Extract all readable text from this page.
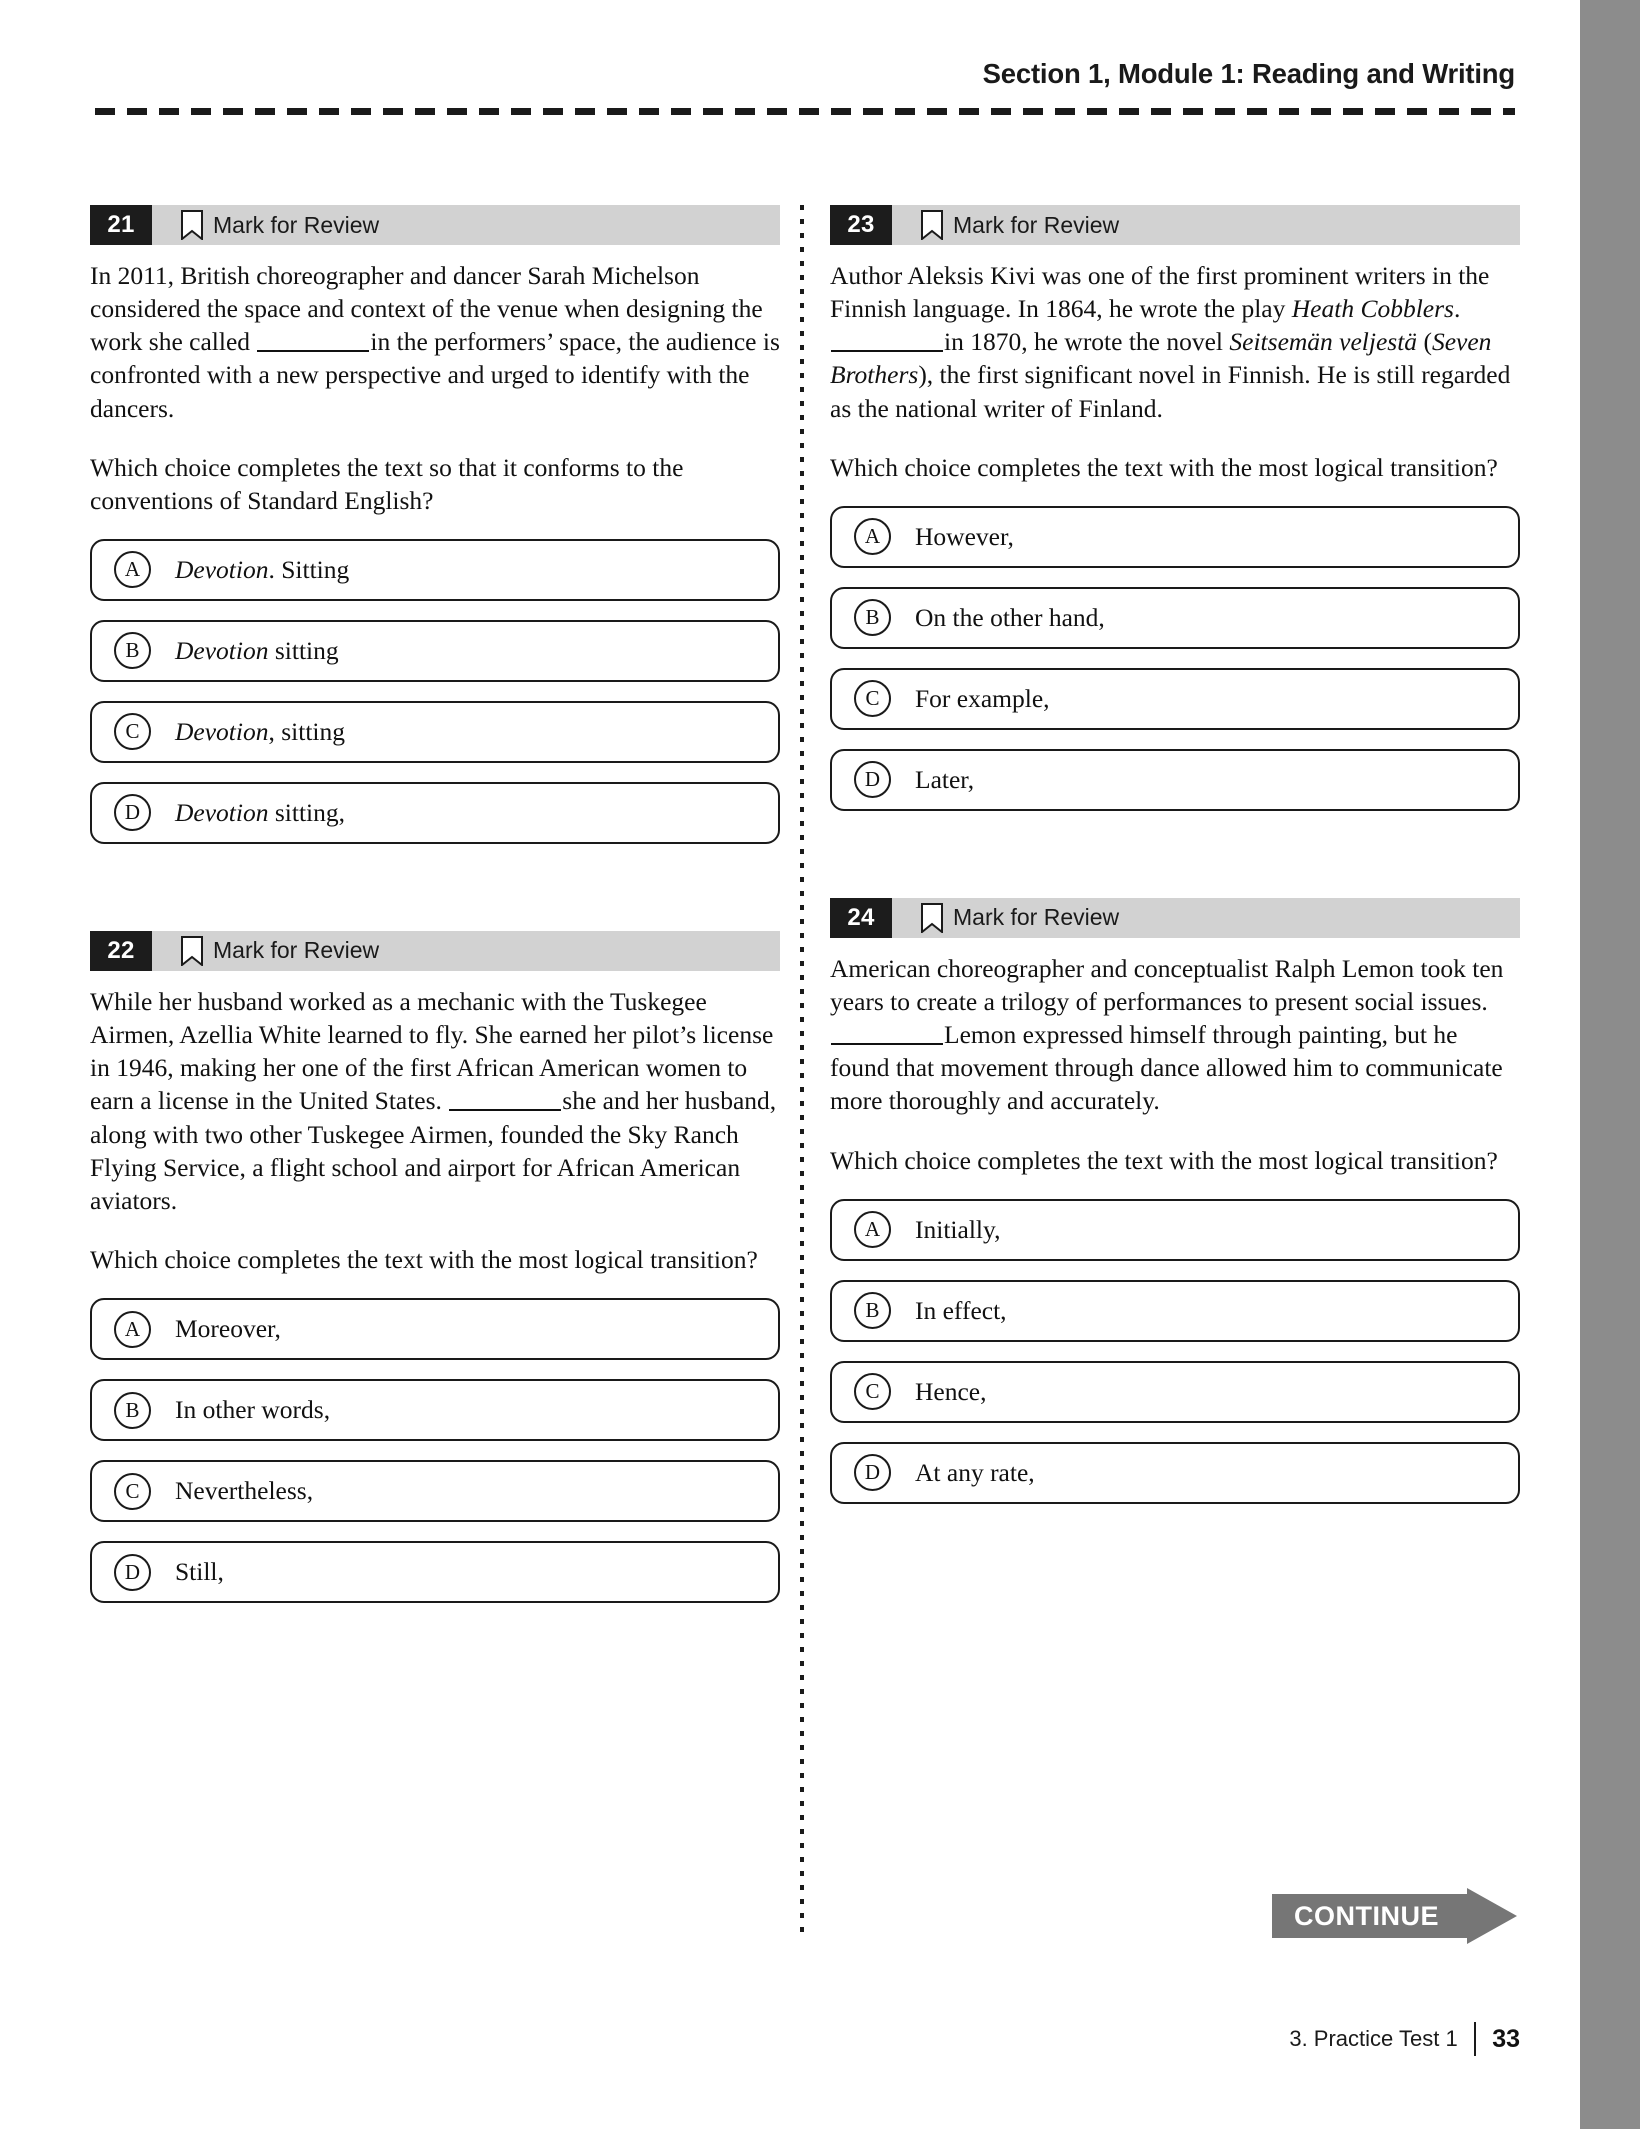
Section 1, Module 1: Reading and Writing
21	Mark for Review
In 2011, British choreographer and dancer Sarah Michelson considered the space and context of the venue when designing the work she called	in the performers’ space, the audience is confronted with a new perspective and urged to identify with the dancers.
Which choice completes the text so that it conforms to the conventions of Standard English?
A	Devotion. Sitting
B	Devotion sitting
C	Devotion, sitting
D	Devotion sitting,
22	Mark for Review
While her husband worked as a mechanic with the Tuskegee Airmen, Azellia White learned to fly. She earned her pilot’s license in 1946, making her one of the first African American women to earn a license in the United States.	she and her husband, along with two other Tuskegee Airmen, founded the Sky Ranch Flying Service, a flight school and airport for African American aviators.
Which choice completes the text with the most logical transition?
A	Moreover,
B	In other words,
C	Nevertheless,
D	Still,
23	Mark for Review
Author Aleksis Kivi was one of the first prominent writers in the Finnish language. In 1864, he wrote the play Heath Cobblers. in 1870, he wrote the novel Seitsemän veljestä (Seven Brothers), the first significant novel in Finnish. He is still regarded as the national writer of Finland.
Which choice completes the text with the most logical transition?
A	However,
B	On the other hand,
C	For example,
D	Later,
24	Mark for Review
American choreographer and conceptualist Ralph Lemon took ten years to create a trilogy of performances to present social issues. Lemon expressed himself through painting, but he found that movement through dance allowed him to communicate more thoroughly and accurately.
Which choice completes the text with the most logical transition?
A	Initially,
B	In effect,
C	Hence,
D	At any rate,
CONTINUE
3. Practice Test 1 33
